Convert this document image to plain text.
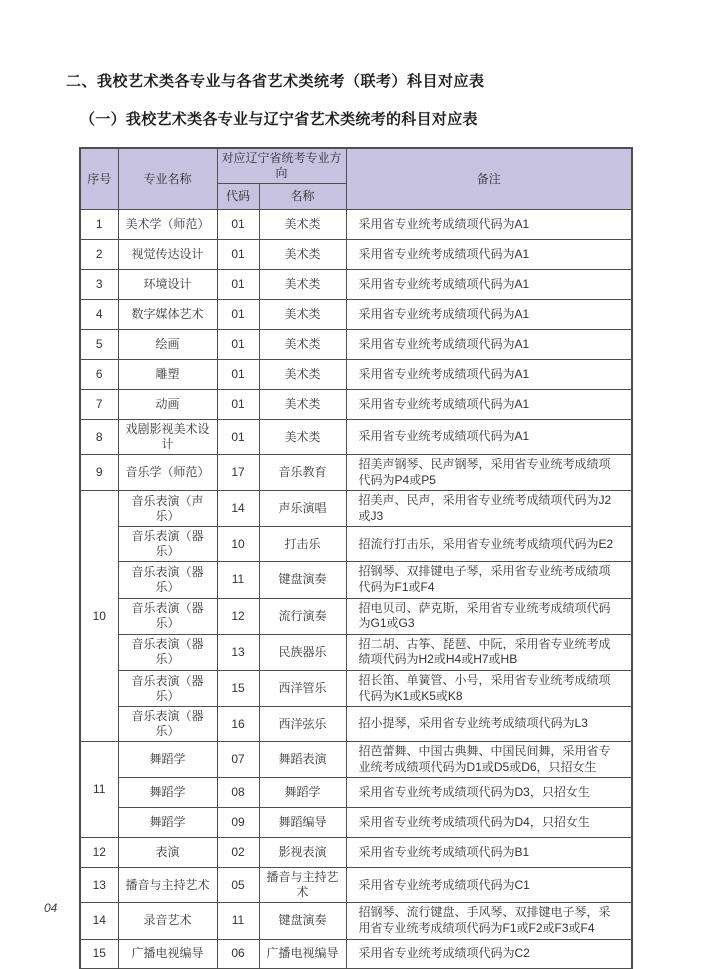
二、我校艺术类各专业与各省艺术类统考（联考）科目对应表
（一）我校艺术类各专业与辽宁省艺术类统考的科目对应表
序号	专业名称	对应辽宁省统考专业方向		备注
		代码	名称	
1	美术学（师范）	01	美术类	采用省专业统考成绩项代码为A1
2	视觉传达设计	01	美术类	采用省专业统考成绩项代码为A1
3	环境设计	01	美术类	采用省专业统考成绩项代码为A1
4	数字媒体艺术	01	美术类	采用省专业统考成绩项代码为A1
5	绘画	01	美术类	采用省专业统考成绩项代码为A1
6	雕塑	01	美术类	采用省专业统考成绩项代码为A1
7	动画	01	美术类	采用省专业统考成绩项代码为A1
8	戏剧影视美术设计	01	美术类	采用省专业统考成绩项代码为A1
9	音乐学（师范）	17	音乐教育	招美声钢琴、民声钢琴，采用省专业统考成绩项代码为P4或P5
10	音乐表演（声乐）	14	声乐演唱	招美声、民声，采用省专业统考成绩项代码为J2或J3
	音乐表演（器乐）	10	打击乐	招流行打击乐，采用省专业统考成绩项代码为E2
	音乐表演（器乐）	11	键盘演奏	招钢琴、双排键电子琴，采用省专业统考成绩项代码为F1或F4
	音乐表演（器乐）	12	流行演奏	招电贝司、萨克斯，采用省专业统考成绩项代码为G1或G3
	音乐表演（器乐）	13	民族器乐	招二胡、古筝、琵琶、中阮，采用省专业统考成绩项代码为H2或H4或H7或HB
	音乐表演（器乐）	15	西洋管乐	招长笛、单簧管、小号，采用省专业统考成绩项代码为K1或K5或K8
	音乐表演（器乐）	16	西洋弦乐	招小提琴，采用省专业统考成绩项代码为L3
11	舞蹈学	07	舞蹈表演	招芭蕾舞、中国古典舞、中国民间舞，采用省专业统考成绩项代码为D1或D5或D6，只招女生
	舞蹈学	08	舞蹈学	采用省专业统考成绩项代码为D3，只招女生
	舞蹈学	09	舞蹈编导	采用省专业统考成绩项代码为D4，只招女生
12	表演	02	影视表演	采用省专业统考成绩项代码为B1
13	播音与主持艺术	05	播音与主持艺术	采用省专业统考成绩项代码为C1
14	录音艺术	11	键盘演奏	招钢琴、流行键盘、手风琴、双排键电子琴，采用省专业统考成绩项代码为F1或F2或F3或F4
15	广播电视编导	06	广播电视编导	采用省专业统考成绩项代码为C2
04
